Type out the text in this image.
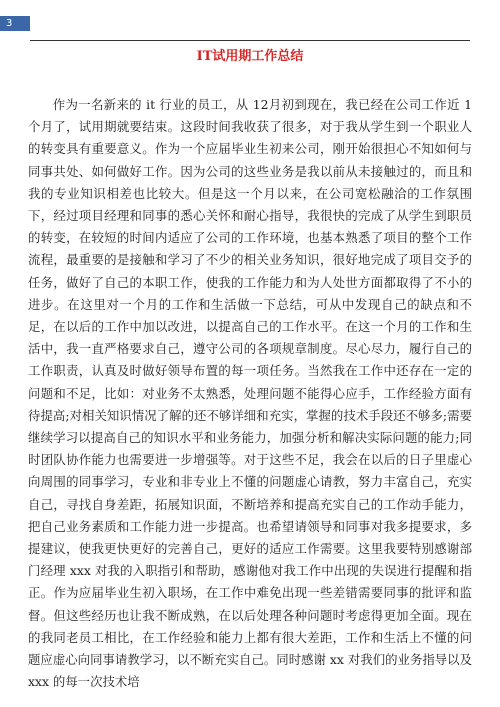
3
IT试用期工作总结

作为一名新来的 it 行业的员工，从 12月初到现在，我已经在公司工作近 1 个月了，试用期就要结束。这段时间我收获了很多，对于我从学生到一个职业人的转变具有重要意义。作为一个应届毕业生初来公司，刚开始很担心不知如何与同事共处、如何做好工作。因为公司的这些业务是我以前从未接触过的，而且和我的专业知识相差也比较大。但是这一个月以来，在公司宽松融洽的工作氛围下，经过项目经理和同事的悉心关怀和耐心指导，我很快的完成了从学生到职员的转变，在较短的时间内适应了公司的工作环境，也基本熟悉了项目的整个工作流程，最重要的是接触和学习了不少的相关业务知识，很好地完成了项目交予的任务，做好了自己的本职工作，使我的工作能力和为人处世方面都取得了不小的进步。在这里对一个月的工作和生活做一下总结，可从中发现自己的缺点和不足，在以后的工作中加以改进，以提高自己的工作水平。在这一个月的工作和生活中，我一直严格要求自己，遵守公司的各项规章制度。尽心尽力，履行自己的工作职责，认真及时做好领导布置的每一项任务。当然我在工作中还存在一定的问题和不足，比如：对业务不太熟悉，处理问题不能得心应手，工作经验方面有待提高;对相关知识情况了解的还不够详细和充实，掌握的技术手段还不够多;需要继续学习以提高自己的知识水平和业务能力，加强分析和解决实际问题的能力;同时团队协作能力也需要进一步增强等。对于这些不足，我会在以后的日子里虚心向周围的同事学习，专业和非专业上不懂的问题虚心请教，努力丰富自己，充实自己，寻找自身差距，拓展知识面，不断培养和提高充实自己的工作动手能力，把自己业务素质和工作能力进一步提高。也希望请领导和同事对我多提要求，多提建议，使我更快更好的完善自己，更好的适应工作需要。这里我要特别感谢部门经理 xxx 对我的入职指引和帮助，感谢他对我工作中出现的失误进行提醒和指正。作为应届毕业生初入职场，在工作中难免出现一些差错需要同事的批评和监督。但这些经历也让我不断成熟，在以后处理各种问题时考虑得更加全面。现在的我同老员工相比，在工作经验和能力上都有很大差距，工作和生活上不懂的问题应虚心向同事请教学习，以不断充实自己。同时感谢 xx 对我们的业务指导以及 xxx 的每一次技术培
